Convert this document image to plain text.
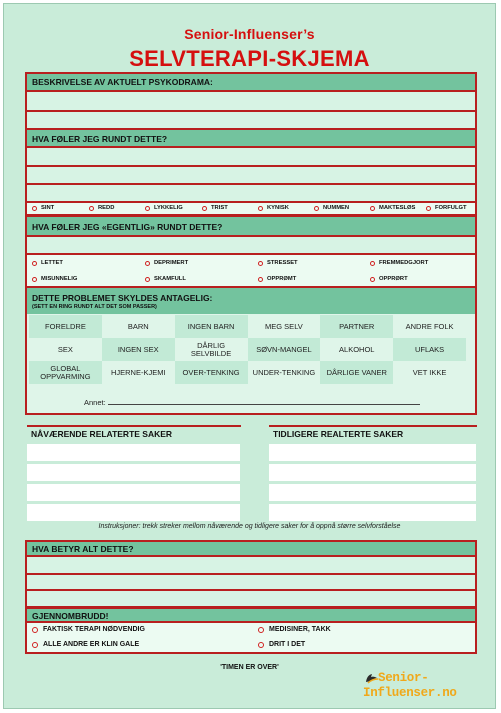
Senior-Influenser’s
SELVTERAPI-SKJEMA
BESKRIVELSE AV AKTUELT PSYKODRAMA:
HVA FØLER JEG RUNDT DETTE?
SINT	REDD	LYKKELIG	TRIST	KYNISK	NUMMEN	MAKTESLØS	FORFULGT
HVA FØLER JEG «EGENTLIG» RUNDT DETTE?
LETTET	DEPRIMERT	STRESSET	FREMMEDGJORT
MISUNNELIG	SKAMFULL	OPPRØMT	OPPRØRT
DETTE PROBLEMET SKYLDES ANTAGELIG:
(SETT EN RING RUNDT ALT DET SOM PASSER)
FORELDRE	BARN	INGEN BARN	MEG SELV	PARTNER	ANDRE FOLK
SEX	INGEN SEX	DÅRLIG SELVBILDE	SØVN-MANGEL	ALKOHOL	UFLAKS
GLOBAL OPPVARMING	HJERNE-KJEMI	OVER-TENKING	UNDER-TENKING	DÅRLIGE VANER	VET IKKE
Annet:
NÅVÆRENDE RELATERTE SAKER	TIDLIGERE REALTERTE SAKER
Instruksjoner: trekk streker mellom nåværende og tidligere saker for å oppnå større selvforståelse
HVA BETYR ALT DETTE?
GJENNOMBRUDD!
FAKTISK TERAPI NØDVENDIG	MEDISINER, TAKK
ALLE ANDRE ER KLIN GALE	DRIT I DET
'TIMEN ER OVER'
Senior-
Influenser.no
